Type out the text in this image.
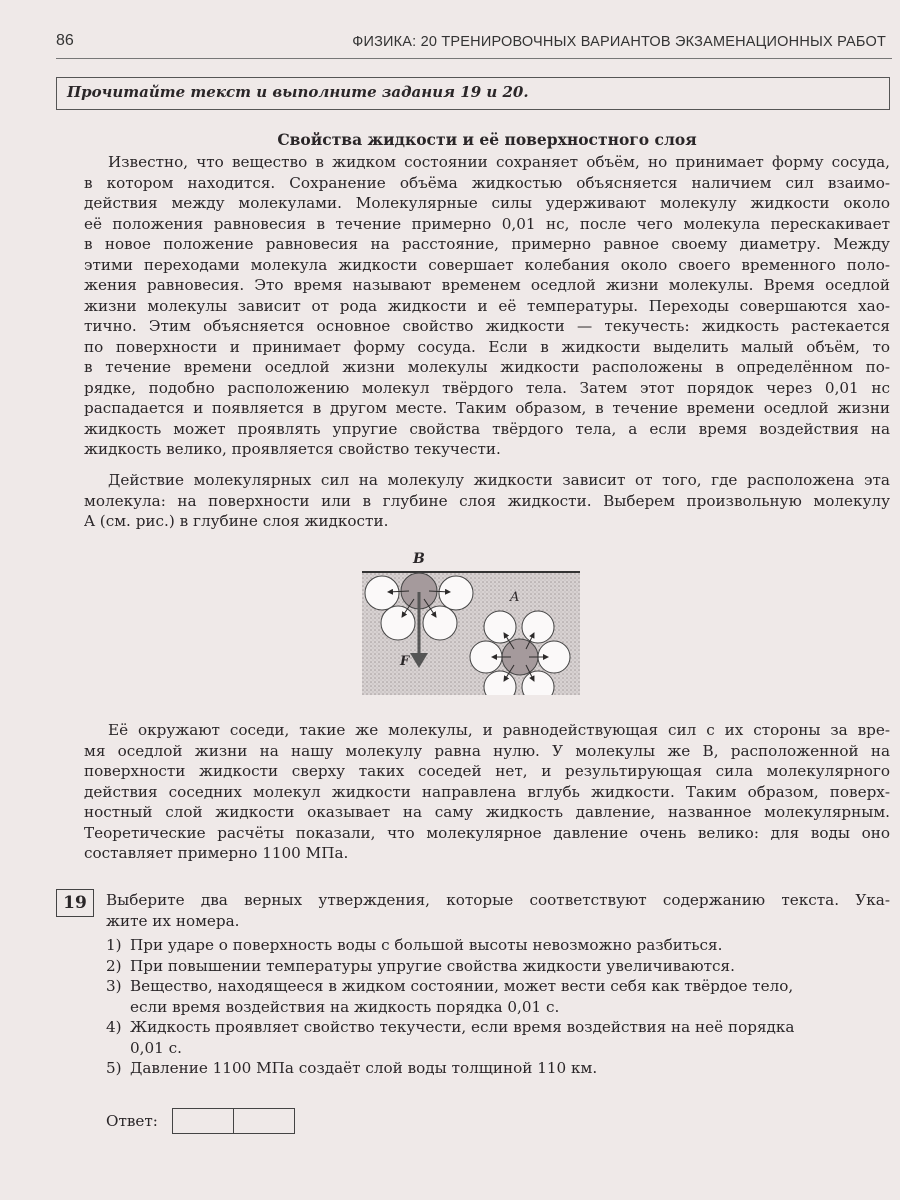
86	ФИЗИКА: 20 ТРЕНИРОВОЧНЫХ ВАРИАНТОВ ЭКЗАМЕНАЦИОННЫХ РАБОТ
Прочитайте текст и выполните задания 19 и 20.
Свойства жидкости и её поверхностного слоя
Известно, что вещество в жидком состоянии сохраняет объём, но принимает форму сосуда,
в котором находится. Сохранение объёма жидкостью объясняется наличием сил взаимо-
действия между молекулами. Молекулярные силы удерживают молекулу жидкости около
её положения равновесия в течение примерно 0,01 нс, после чего молекула перескакивает
в новое положение равновесия на расстояние, примерно равное своему диаметру. Между
этими переходами молекула жидкости совершает колебания около своего временного поло-
жения равновесия. Это время называют временем оседлой жизни молекулы. Время оседлой
жизни молекулы зависит от рода жидкости и её температуры. Переходы совершаются хао-
тично. Этим объясняется основное свойство жидкости — текучесть: жидкость растекается
по поверхности и принимает форму сосуда. Если в жидкости выделить малый объём, то
в течение времени оседлой жизни молекулы жидкости расположены в определённом по-
рядке, подобно расположению молекул твёрдого тела. Затем этот порядок через 0,01 нс
распадается и появляется в другом месте. Таким образом, в течение времени оседлой жизни
жидкость может проявлять упругие свойства твёрдого тела, а если время воздействия на
жидкость велико, проявляется свойство текучести.
Действие молекулярных сил на молекулу жидкости зависит от того, где расположена эта
молекула: на поверхности или в глубине слоя жидкости. Выберем произвольную молекулу
A (см. рис.) в глубине слоя жидкости.
B
A
F
Её окружают соседи, такие же молекулы, и равнодействующая сил с их стороны за вре-
мя оседлой жизни на нашу молекулу равна нулю. У молекулы же B, расположенной на
поверхности жидкости сверху таких соседей нет, и результирующая сила молекулярного
действия соседних молекул жидкости направлена вглубь жидкости. Таким образом, поверх-
ностный слой жидкости оказывает на саму жидкость давление, названное молекулярным.
Теоретические расчёты показали, что молекулярное давление очень велико: для воды оно
составляет примерно 1100 МПа.
19	Выберите два верных утверждения, которые соответствуют содержанию текста. Ука-
жите их номера.
1) При ударе о поверхность воды с большой высоты невозможно разбиться.
2) При повышении температуры упругие свойства жидкости увеличиваются.
3) Вещество, находящееся в жидком состоянии, может вести себя как твёрдое тело,
если время воздействия на жидкость порядка 0,01 с.
4) Жидкость проявляет свойство текучести, если время воздействия на неё порядка
0,01 с.
5) Давление 1100 МПа создаёт слой воды толщиной 110 км.
Ответ:
